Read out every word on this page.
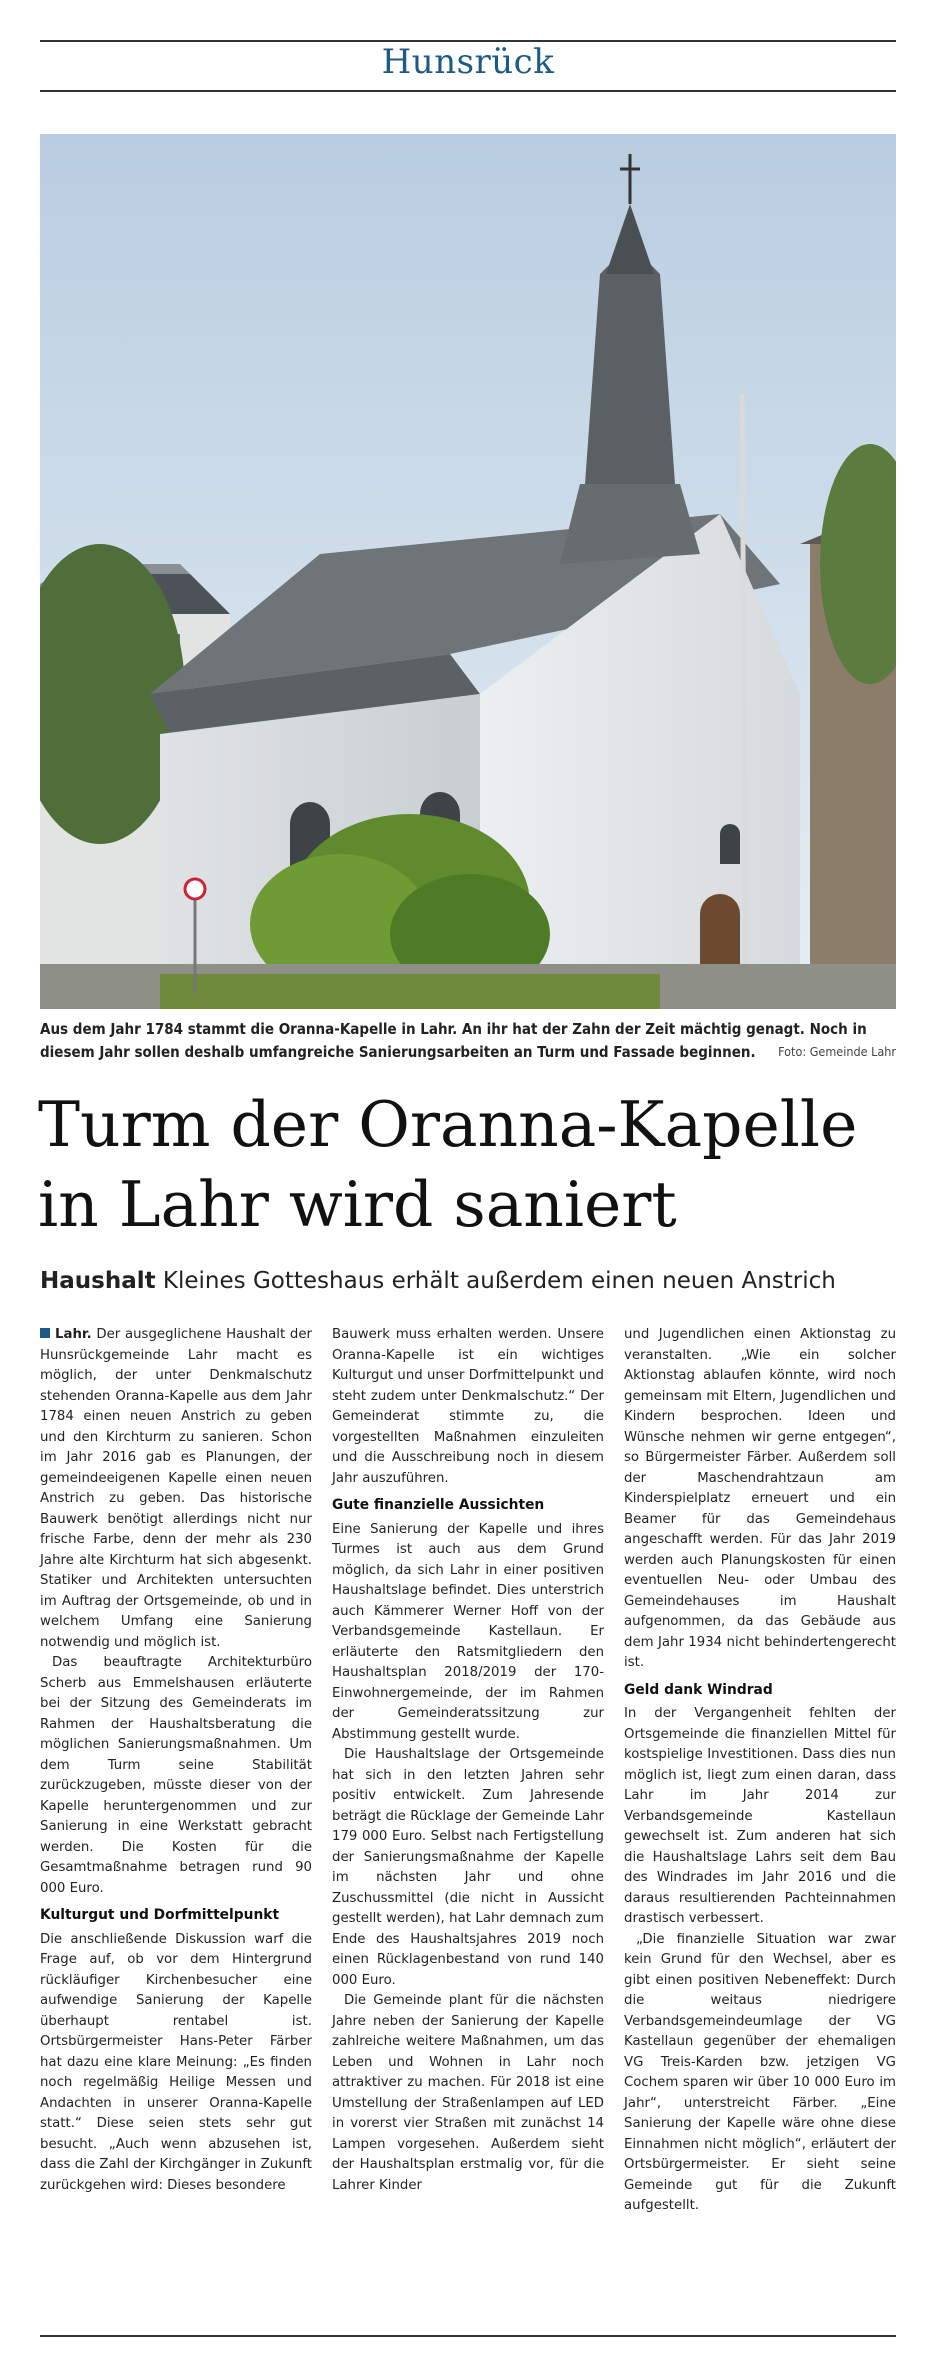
Hunsrück
Aus dem Jahr 1784 stammt die Oranna-Kapelle in Lahr. An ihr hat der Zahn der Zeit mächtig genagt. Noch in diesem Jahr sollen deshalb umfangreiche Sanierungsarbeiten an Turm und Fassade beginnen. Foto: Gemeinde Lahr
Turm der Oranna-Kapelle
in Lahr wird saniert
Haushalt Kleines Gotteshaus erhält außerdem einen neuen Anstrich

Lahr. Der ausgeglichene Haushalt der Hunsrückgemeinde Lahr macht es möglich, der unter Denkmalschutz stehenden Oranna-Kapelle aus dem Jahr 1784 einen neuen Anstrich zu geben und den Kirchturm zu sanieren. Schon im Jahr 2016 gab es Planungen, der gemeindeeigenen Kapelle einen neuen Anstrich zu geben. Das historische Bauwerk benötigt allerdings nicht nur frische Farbe, denn der mehr als 230 Jahre alte Kirchturm hat sich abgesenkt. Statiker und Architekten untersuchten im Auftrag der Ortsgemeinde, ob und in welchem Umfang eine Sanierung notwendig und möglich ist.

Das beauftragte Architekturbüro Scherb aus Emmelshausen erläuterte bei der Sitzung des Gemeinderats im Rahmen der Haushaltsberatung die möglichen Sanierungsmaßnahmen. Um dem Turm seine Stabilität zurückzugeben, müsste dieser von der Kapelle heruntergenommen und zur Sanierung in eine Werkstatt gebracht werden. Die Kosten für die Gesamtmaßnahme betragen rund 90 000 Euro.

Kulturgut und Dorfmittelpunkt

Die anschließende Diskussion warf die Frage auf, ob vor dem Hintergrund rückläufiger Kirchenbesucher eine aufwendige Sanierung der Kapelle überhaupt rentabel ist. Ortsbürgermeister Hans-Peter Färber hat dazu eine klare Meinung: „Es finden noch regelmäßig Heilige Messen und Andachten in unserer Oranna-Kapelle statt.“ Diese seien stets sehr gut besucht. „Auch wenn abzusehen ist, dass die Zahl der Kirchgänger in Zukunft zurückgehen wird: Dieses besondere

Bauwerk muss erhalten werden. Unsere Oranna-Kapelle ist ein wichtiges Kulturgut und unser Dorfmittelpunkt und steht zudem unter Denkmalschutz.“ Der Gemeinderat stimmte zu, die vorgestellten Maßnahmen einzuleiten und die Ausschreibung noch in diesem Jahr auszuführen.

Gute finanzielle Aussichten

Eine Sanierung der Kapelle und ihres Turmes ist auch aus dem Grund möglich, da sich Lahr in einer positiven Haushaltslage befindet. Dies unterstrich auch Kämmerer Werner Hoff von der Verbandsgemeinde Kastellaun. Er erläuterte den Ratsmitgliedern den Haushaltsplan 2018/2019 der 170-Einwohnergemeinde, der im Rahmen der Gemeinderatssitzung zur Abstimmung gestellt wurde.

Die Haushaltslage der Ortsgemeinde hat sich in den letzten Jahren sehr positiv entwickelt. Zum Jahresende beträgt die Rücklage der Gemeinde Lahr 179 000 Euro. Selbst nach Fertigstellung der Sanierungsmaßnahme der Kapelle im nächsten Jahr und ohne Zuschussmittel (die nicht in Aussicht gestellt werden), hat Lahr demnach zum Ende des Haushaltsjahres 2019 noch einen Rücklagenbestand von rund 140 000 Euro.

Die Gemeinde plant für die nächsten Jahre neben der Sanierung der Kapelle zahlreiche weitere Maßnahmen, um das Leben und Wohnen in Lahr noch attraktiver zu machen. Für 2018 ist eine Umstellung der Straßenlampen auf LED in vorerst vier Straßen mit zunächst 14 Lampen vorgesehen. Außerdem sieht der Haushaltsplan erstmalig vor, für die Lahrer Kinder

und Jugendlichen einen Aktionstag zu veranstalten. „Wie ein solcher Aktionstag ablaufen könnte, wird noch gemeinsam mit Eltern, Jugendlichen und Kindern besprochen. Ideen und Wünsche nehmen wir gerne entgegen“, so Bürgermeister Färber. Außerdem soll der Maschendrahtzaun am Kinderspielplatz erneuert und ein Beamer für das Gemeindehaus angeschafft werden. Für das Jahr 2019 werden auch Planungskosten für einen eventuellen Neu- oder Umbau des Gemeindehauses im Haushalt aufgenommen, da das Gebäude aus dem Jahr 1934 nicht behindertengerecht ist.

Geld dank Windrad

In der Vergangenheit fehlten der Ortsgemeinde die finanziellen Mittel für kostspielige Investitionen. Dass dies nun möglich ist, liegt zum einen daran, dass Lahr im Jahr 2014 zur Verbandsgemeinde Kastellaun gewechselt ist. Zum anderen hat sich die Haushaltslage Lahrs seit dem Bau des Windrades im Jahr 2016 und die daraus resultierenden Pachteinnahmen drastisch verbessert.

„Die finanzielle Situation war zwar kein Grund für den Wechsel, aber es gibt einen positiven Nebeneffekt: Durch die weitaus niedrigere Verbandsgemeindeumlage der VG Kastellaun gegenüber der ehemaligen VG Treis-Karden bzw. jetzigen VG Cochem sparen wir über 10 000 Euro im Jahr“, unterstreicht Färber. „Eine Sanierung der Kapelle wäre ohne diese Einnahmen nicht möglich“, erläutert der Ortsbürgermeister. Er sieht seine Gemeinde gut für die Zukunft aufgestellt.
